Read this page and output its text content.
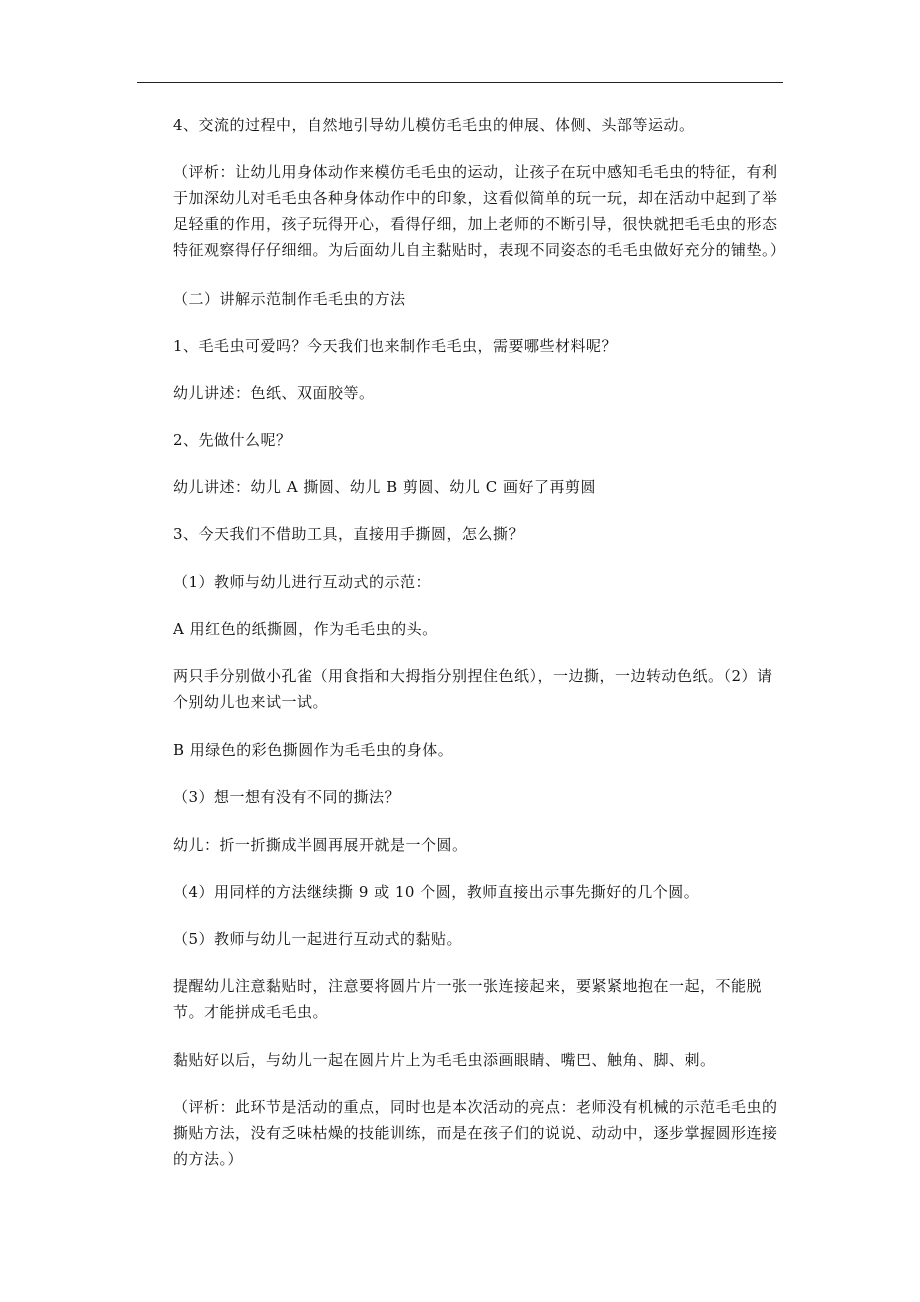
4、交流的过程中，自然地引导幼儿模仿毛毛虫的伸展、体侧、头部等运动。

（评析：让幼儿用身体动作来模仿毛毛虫的运动，让孩子在玩中感知毛毛虫的特征，有利于加深幼儿对毛毛虫各种身体动作中的印象，这看似简单的玩一玩，却在活动中起到了举足轻重的作用，孩子玩得开心，看得仔细，加上老师的不断引导，很快就把毛毛虫的形态特征观察得仔仔细细。为后面幼儿自主黏贴时，表现不同姿态的毛毛虫做好充分的铺垫。）

（二）讲解示范制作毛毛虫的方法

1、毛毛虫可爱吗？今天我们也来制作毛毛虫，需要哪些材料呢？

幼儿讲述：色纸、双面胶等。

2、先做什么呢？

幼儿讲述：幼儿 A 撕圆、幼儿 B 剪圆、幼儿 C 画好了再剪圆

3、今天我们不借助工具，直接用手撕圆，怎么撕？

（1）教师与幼儿进行互动式的示范：

A 用红色的纸撕圆，作为毛毛虫的头。

两只手分别做小孔雀（用食指和大拇指分别捏住色纸），一边撕，一边转动色纸。（2）请个别幼儿也来试一试。

B 用绿色的彩色撕圆作为毛毛虫的身体。

（3）想一想有没有不同的撕法？

幼儿：折一折撕成半圆再展开就是一个圆。

（4）用同样的方法继续撕 9 或 10 个圆，教师直接出示事先撕好的几个圆。

（5）教师与幼儿一起进行互动式的黏贴。

提醒幼儿注意黏贴时，注意要将圆片片一张一张连接起来，要紧紧地抱在一起，不能脱节。才能拼成毛毛虫。

黏贴好以后，与幼儿一起在圆片片上为毛毛虫添画眼睛、嘴巴、触角、脚、刺。

（评析：此环节是活动的重点，同时也是本次活动的亮点：老师没有机械的示范毛毛虫的撕贴方法，没有乏味枯燥的技能训练，而是在孩子们的说说、动动中，逐步掌握圆形连接的方法。）
